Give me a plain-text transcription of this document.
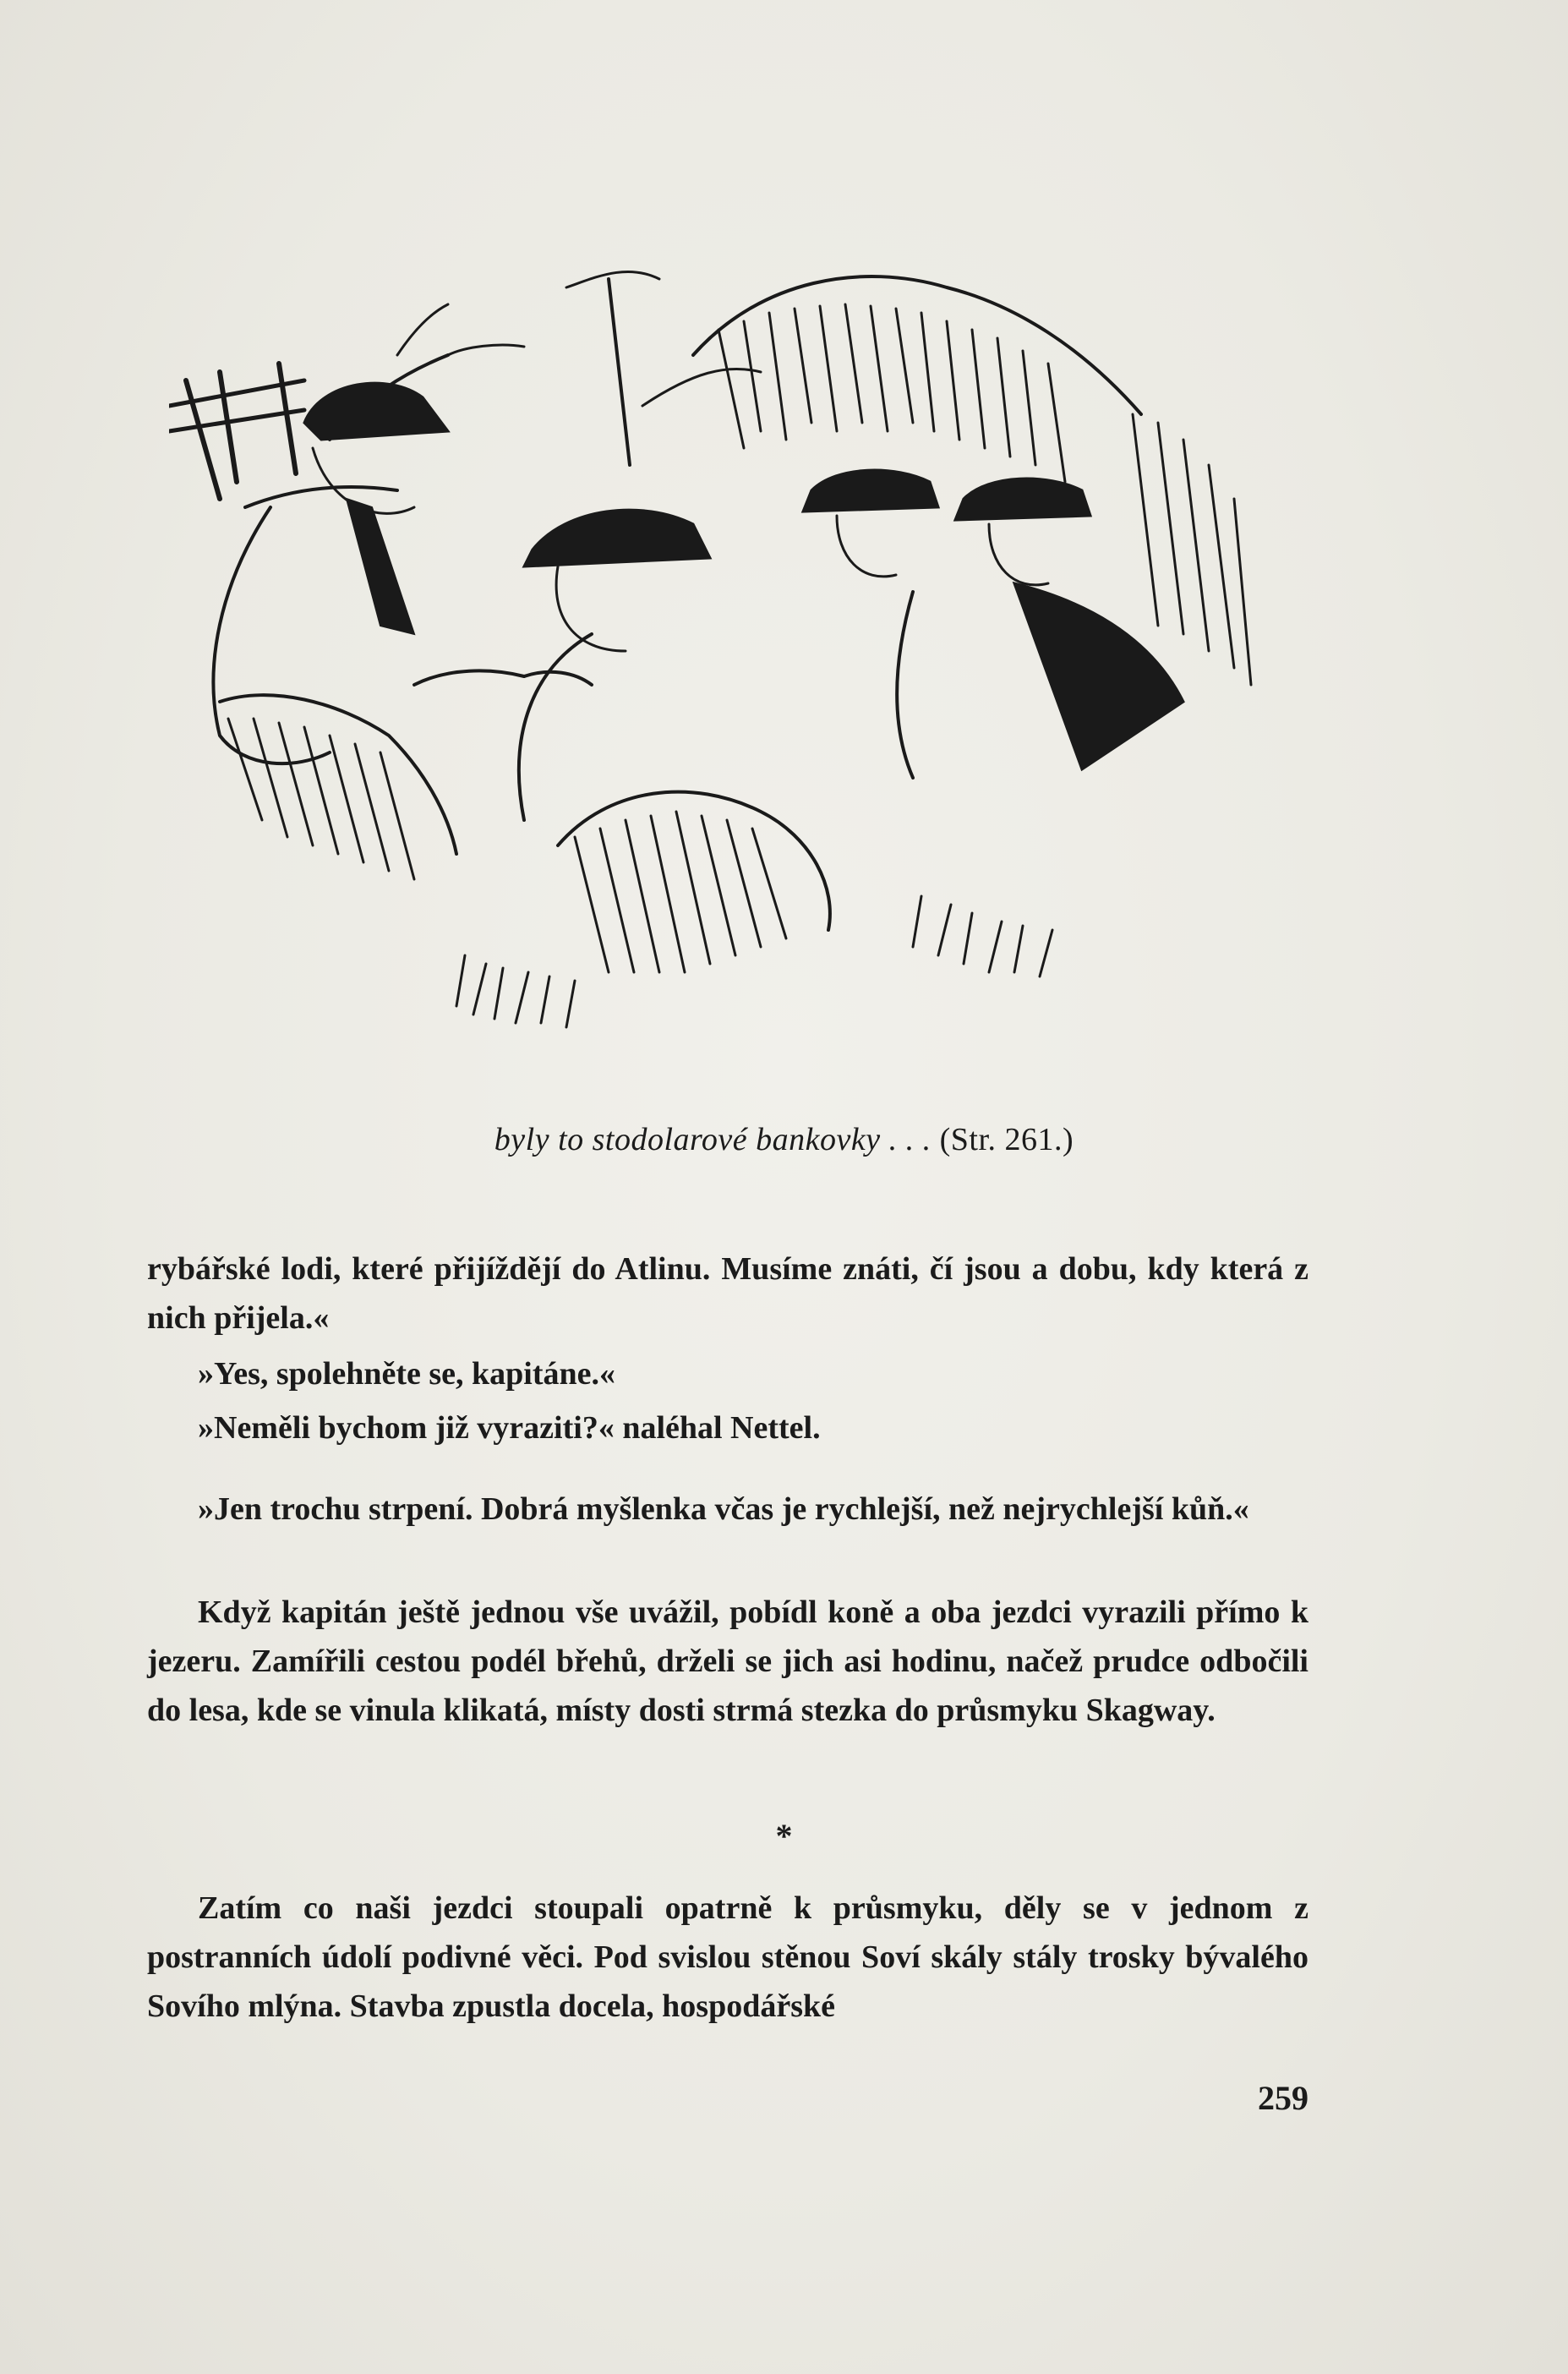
byly to stodolarové bankovky . . . (Str. 261.)

rybářské lodi, které přijíždějí do Atlinu. Musíme znáti, čí jsou a dobu, kdy která z nich přijela.«

»Yes, spolehněte se, kapitáne.«

»Neměli bychom již vyraziti?« naléhal Nettel.

»Jen trochu strpení. Dobrá myšlenka včas je rychlejší, než nejrychlejší kůň.«

Když kapitán ještě jednou vše uvážil, pobídl koně a oba jezdci vyrazili přímo k jezeru. Zamířili cestou podél břehů, drželi se jich asi hodinu, načež prudce odbočili do lesa, kde se vinula klikatá, místy dosti strmá stezka do průsmyku Skagway.

*

Zatím co naši jezdci stoupali opatrně k průsmyku, děly se v jednom z postranních údolí podivné věci. Pod svislou stěnou Soví skály stály trosky bývalého Sovího mlýna. Stavba zpustla docela, hospodářské

259
